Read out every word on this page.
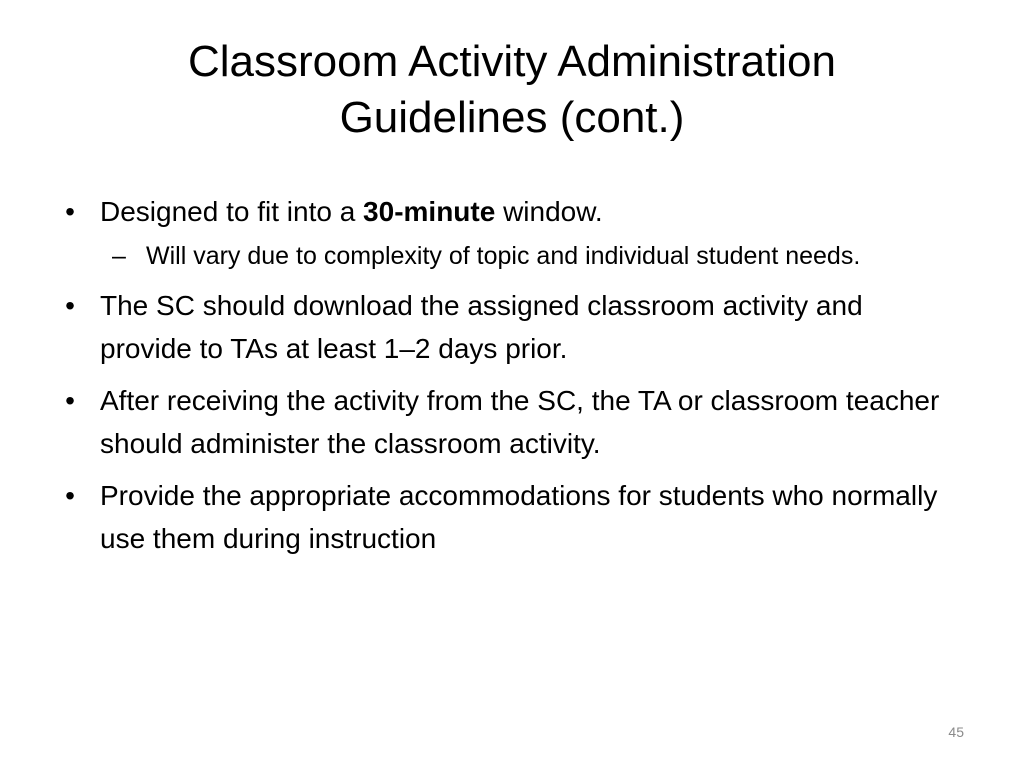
Classroom Activity Administration
Guidelines (cont.)
• Designed to fit into a 30-minute window.
– Will vary due to complexity of topic and individual student needs.
• The SC should download the assigned classroom activity and provide to TAs at least 1–2 days prior.
• After receiving the activity from the SC, the TA or classroom teacher should administer the classroom activity.
• Provide the appropriate accommodations for students who normally use them during instruction
45
